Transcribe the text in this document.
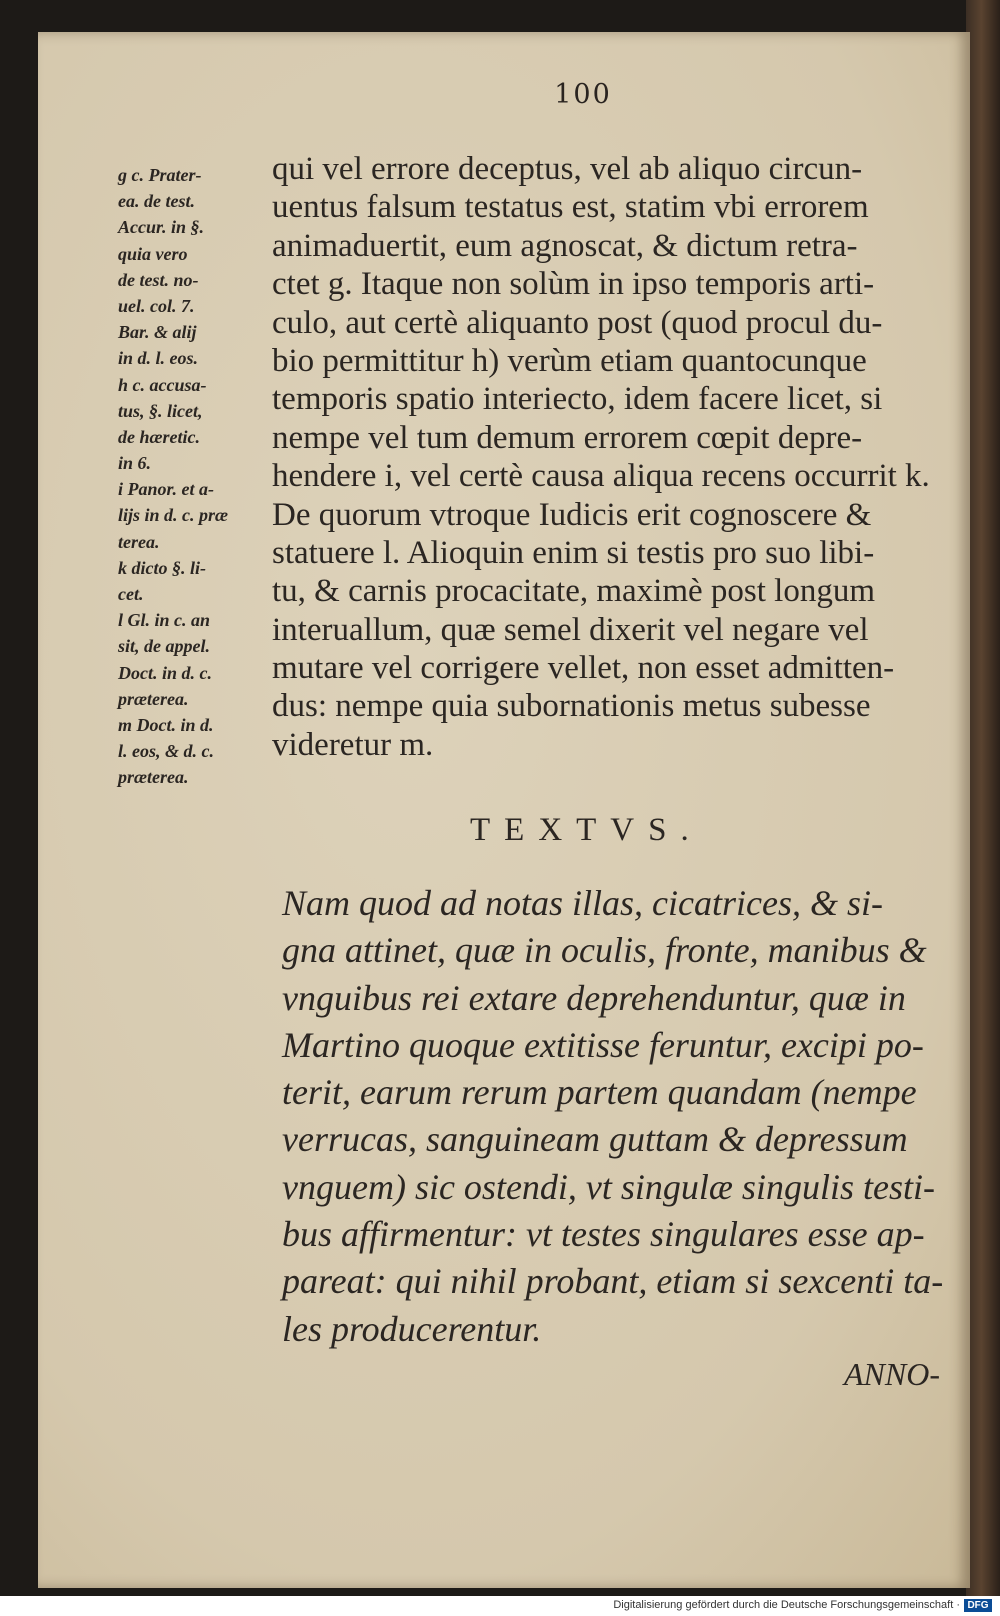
100
g c. Prater-
ea. de test.
Accur. in §.
quia vero
de test. no-
uel. col. 7.
Bar. & alij
in d. l. eos.
h c. accusa-
tus, §. licet,
de hæretic.
in 6.
i Panor. et a-
lijs in d. c. præ
terea.
k dicto §. li-
cet.
l Gl. in c. an
sit, de appel.
Doct. in d. c.
præterea.
m Doct. in d.
l. eos, & d. c.
præterea.
qui vel errore deceptus, vel ab aliquo circun-
uentus falsum testatus est, statim vbi errorem
animaduertit, eum agnoscat, & dictum retra-
ctet g. Itaque non solùm in ipso temporis arti-
culo, aut certè aliquanto post (quod procul du-
bio permittitur h) verùm etiam quantocunque
temporis spatio interiecto, idem facere licet, si
nempe vel tum demum errorem cœpit depre-
hendere i, vel certè causa aliqua recens occurrit k.
De quorum vtroque Iudicis erit cognoscere &
statuere l. Alioquin enim si testis pro suo libi-
tu, & carnis procacitate, maximè post longum
interuallum, quæ semel dixerit vel negare vel
mutare vel corrigere vellet, non esset admitten-
dus: nempe quia subornationis metus subesse
videretur m.
TEXTVS.
Nam quod ad notas illas, cicatrices, & si-
gna attinet, quæ in oculis, fronte, manibus &
vnguibus rei extare deprehenduntur, quæ in
Martino quoque extitisse feruntur, excipi po-
terit, earum rerum partem quandam (nempe
verrucas, sanguineam guttam & depressum
vnguem) sic ostendi, vt singulæ singulis testi-
bus affirmentur: vt testes singulares esse ap-
pareat: qui nihil probant, etiam si sexcenti ta-
les producerentur.
ANNO-
Digitalisierung gefördert durch die Deutsche Forschungsgemeinschaft · DFG
